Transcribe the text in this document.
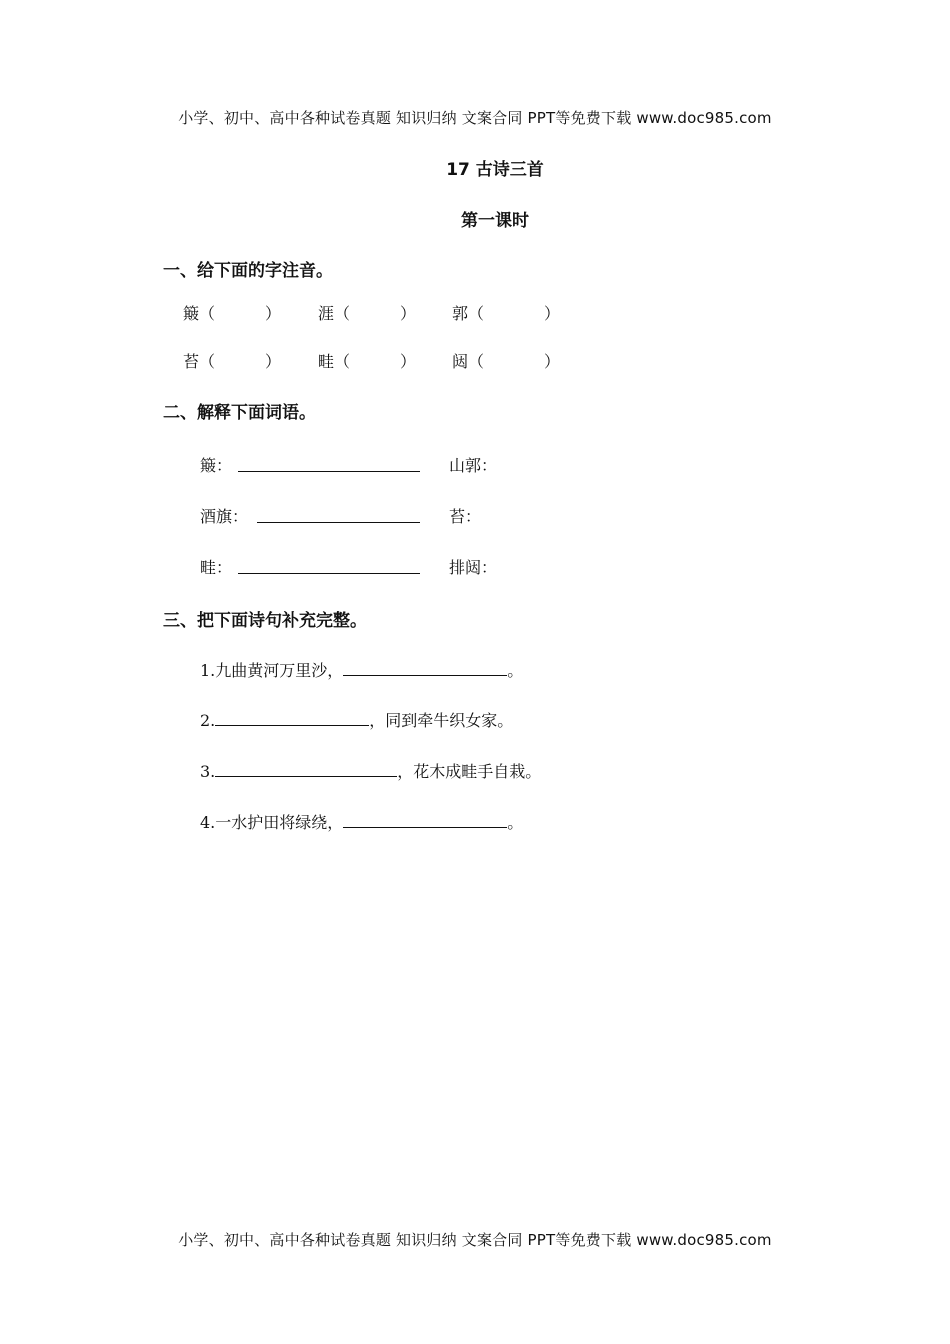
小学、初中、高中各种试卷真题 知识归纳 文案合同 PPT等免费下载 www.doc985.com
17 古诗三首
第一课时
一、给下面的字注音。
簸（	） 涯（	） 郭（	）
苔（	） 畦（	） 闼（	）
二、解释下面词语。
簸：	山郭：
酒旗：	苔：
畦：	排闼：
三、把下面诗句补充完整。
1.九曲黄河万里沙，	。
2.	，同到牵牛织女家。
3.	，花木成畦手自栽。
4.一水护田将绿绕，	。
小学、初中、高中各种试卷真题 知识归纳 文案合同 PPT等免费下载 www.doc985.com
